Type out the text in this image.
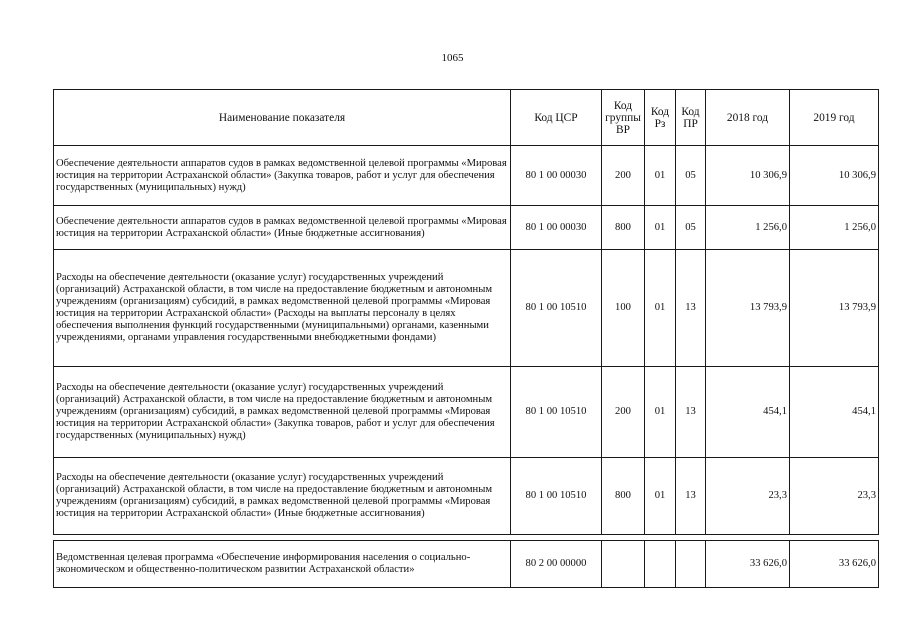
1065
Наименование показателя	Код ЦСР	Код группы ВР	Код Рз	Код ПР	2018 год	2019 год
Обеспечение деятельности аппаратов судов в рамках ведомственной целевой программы «Мировая юстиция на территории Астраханской области» (Закупка товаров, работ и услуг для обеспечения государственных (муниципальных) нужд)	80 1 00 00030	200	01	05	10 306,9	10 306,9
Обеспечение деятельности аппаратов судов в рамках ведомственной целевой программы «Мировая юстиция на территории Астраханской области» (Иные бюджетные ассигнования)	80 1 00 00030	800	01	05	1 256,0	1 256,0
Расходы на обеспечение деятельности (оказание услуг) государственных учреждений (организаций) Астраханской области, в том числе на предоставление бюджетным и автономным учреждениям (организациям) субсидий, в рамках ведомственной целевой программы «Мировая юстиция на территории Астраханской области» (Расходы на выплаты персоналу в целях обеспечения выполнения функций государственными (муниципальными) органами, казенными учреждениями, органами управления государственными внебюджетными фондами)	80 1 00 10510	100	01	13	13 793,9	13 793,9
Расходы на обеспечение деятельности (оказание услуг) государственных учреждений (организаций) Астраханской области, в том числе на предоставление бюджетным и автономным учреждениям (организациям) субсидий, в рамках ведомственной целевой программы «Мировая юстиция на территории Астраханской области» (Закупка товаров, работ и услуг для обеспечения государственных (муниципальных) нужд)	80 1 00 10510	200	01	13	454,1	454,1
Расходы на обеспечение деятельности (оказание услуг) государственных учреждений (организаций) Астраханской области, в том числе на предоставление бюджетным и автономным учреждениям (организациям) субсидий, в рамках ведомственной целевой программы «Мировая юстиция на территории Астраханской области» (Иные бюджетные ассигнования)	80 1 00 10510	800	01	13	23,3	23,3

Ведомственная целевая программа «Обеспечение информирования населения о социально-экономическом и общественно-политическом развитии Астраханской области»	80 2 00 00000				33 626,0	33 626,0
